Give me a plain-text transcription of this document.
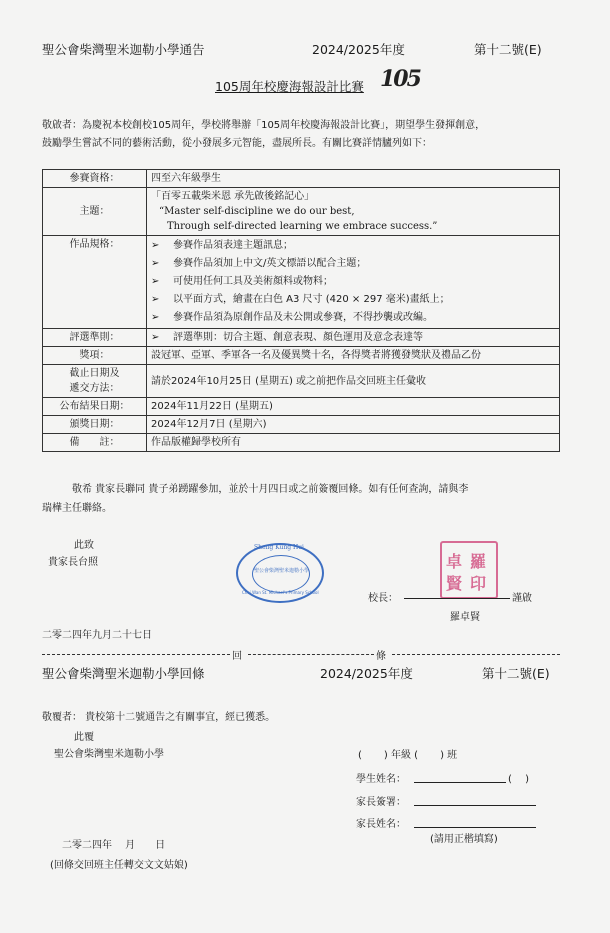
聖公會柴灣聖米迦勒小學通告	2024/2025年度	第十二號(E)
105周年校慶海報設計比賽 105
敬啟者：為慶祝本校創校105周年，學校將舉辦「105周年校慶海報設計比賽」，期望學生發揮創意，
鼓勵學生嘗試不同的藝術活動，從小發展多元智能，盡展所長。有關比賽詳情臚列如下：
參賽資格：	四至六年級學生
主題：	「百零五載柴米恩 承先啟後銘記心」
“Master self-discipline we do our best,
Through self-directed learning we embrace success.”

作品規格：	➢ 參賽作品須表達主題訊息；
➢ 參賽作品須加上中文/英文標語以配合主題；
➢ 可使用任何工具及美術顏料或物料；
➢ 以平面方式，繪畫在白色 A3 尺寸 (420 × 297 毫米)畫紙上；
➢ 參賽作品須為原創作品及未公開或參賽，不得抄襲或改編。

評選準則：	➢ 評選準則：切合主題、創意表現、顏色運用及意念表達等
獎項：	設冠軍、亞軍、季軍各一名及優異獎十名，各得獎者將獲發獎狀及禮品乙份

截止日期及
遞交方法：	請於2024年10月25日 (星期五) 或之前把作品交回班主任彙收
公布結果日期：	2024年11月22日 (星期五)
頒獎日期：	2024年12月7日 (星期六)
備　　註：	作品版權歸學校所有
敬希 貴家長聯同 貴子弟踴躍參加，並於十月四日或之前簽覆回條。如有任何查詢，請與李
瑞樺主任聯絡。
此致
貴家長台照
Sheng Kung Hui
聖公會柴灣聖米迦勒小學
Chai Wan St. Michael's Primary School
卓
賢
羅
印
校長：	謹啟
羅卓賢
二零二四年九月二十七日
回	條
聖公會柴灣聖米迦勒小學回條	2024/2025年度	第十二號(E)
敬覆者： 貴校第十二號通告之有關事宜，經已獲悉。
此覆
聖公會柴灣聖米迦勒小學	( ) 年級 ( ) 班
學生姓名：	(　 )
家長簽署：
家長姓名：
(請用正楷填寫)
二零二四年　 月　　日
(回條交回班主任轉交文文姑娘)
